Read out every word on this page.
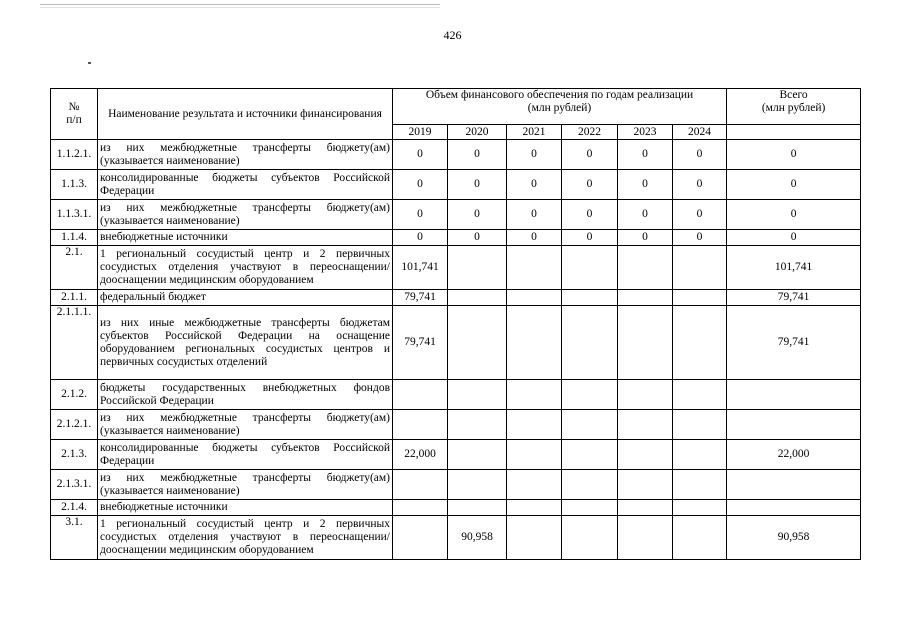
426
№
п/п	Наименование результата и источники финансирования	Объем финансового обеспечения по годам реализации
(млн рублей)						Всего
(млн рублей)
		2019	2020	2021	2022	2023	2024	
1.1.2.1.	из них межбюджетные трансферты бюджету(ам) (указывается наименование)	0	0	0	0	0	0	0
1.1.3.	консолидированные бюджеты субъектов Российской Федерации	0	0	0	0	0	0	0
1.1.3.1.	из них межбюджетные трансферты бюджету(ам) (указывается наименование)	0	0	0	0	0	0	0
1.1.4.	внебюджетные источники	0	0	0	0	0	0	0
2.1.	1 региональный сосудистый центр и 2 первичных сосудистых отделения участвуют в переоснащении/дооснащении медицинским оборудованием	101,741						101,741
2.1.1.	федеральный бюджет	79,741						79,741
2.1.1.1.	из них иные межбюджетные трансферты бюджетам субъектов Российской Федерации на оснащение оборудованием региональных сосудистых центров и первичных сосудистых отделений	79,741						79,741
2.1.2.	бюджеты государственных внебюджетных фондов Российской Федерации							
2.1.2.1.	из них межбюджетные трансферты бюджету(ам) (указывается наименование)							
2.1.3.	консолидированные бюджеты субъектов Российской Федерации	22,000						22,000
2.1.3.1.	из них межбюджетные трансферты бюджету(ам) (указывается наименование)							
2.1.4.	внебюджетные источники							
3.1.	1 региональный сосудистый центр и 2 первичных сосудистых отделения участвуют в переоснащении/дооснащении медицинским оборудованием		90,958					90,958
